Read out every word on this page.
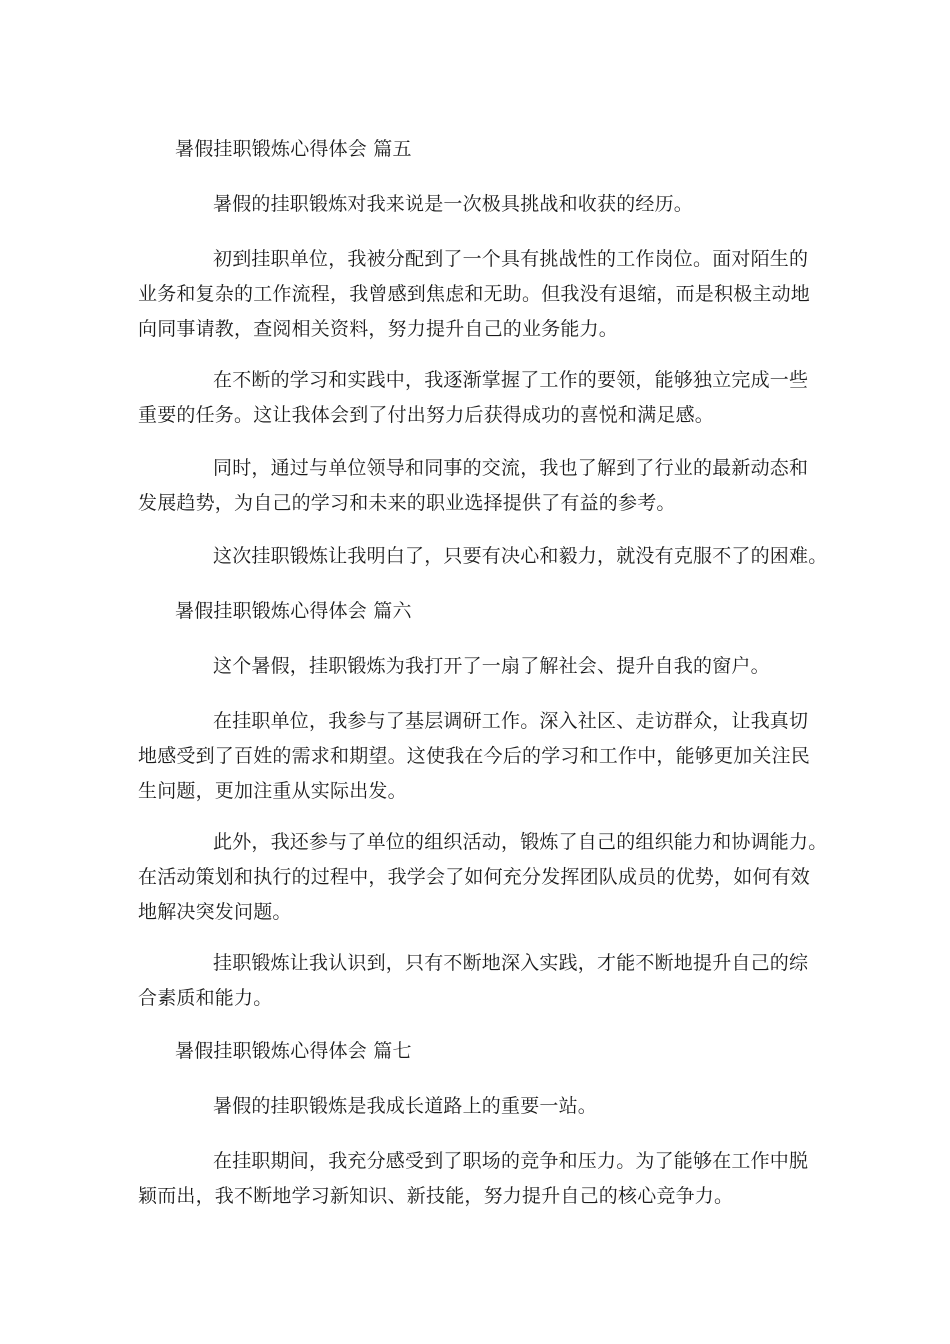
暑假挂职锻炼心得体会 篇五
暑假的挂职锻炼对我来说是一次极具挑战和收获的经历。
初到挂职单位，我被分配到了一个具有挑战性的工作岗位。面对陌生的
业务和复杂的工作流程，我曾感到焦虑和无助。但我没有退缩，而是积极主动地
向同事请教，查阅相关资料，努力提升自己的业务能力。
在不断的学习和实践中，我逐渐掌握了工作的要领，能够独立完成一些
重要的任务。这让我体会到了付出努力后获得成功的喜悦和满足感。
同时，通过与单位领导和同事的交流，我也了解到了行业的最新动态和
发展趋势，为自己的学习和未来的职业选择提供了有益的参考。
这次挂职锻炼让我明白了，只要有决心和毅力，就没有克服不了的困难。
暑假挂职锻炼心得体会 篇六
这个暑假，挂职锻炼为我打开了一扇了解社会、提升自我的窗户。
在挂职单位，我参与了基层调研工作。深入社区、走访群众，让我真切
地感受到了百姓的需求和期望。这使我在今后的学习和工作中，能够更加关注民
生问题，更加注重从实际出发。
此外，我还参与了单位的组织活动，锻炼了自己的组织能力和协调能力。
在活动策划和执行的过程中，我学会了如何充分发挥团队成员的优势，如何有效
地解决突发问题。
挂职锻炼让我认识到，只有不断地深入实践，才能不断地提升自己的综
合素质和能力。
暑假挂职锻炼心得体会 篇七
暑假的挂职锻炼是我成长道路上的重要一站。
在挂职期间，我充分感受到了职场的竞争和压力。为了能够在工作中脱
颖而出，我不断地学习新知识、新技能，努力提升自己的核心竞争力。
